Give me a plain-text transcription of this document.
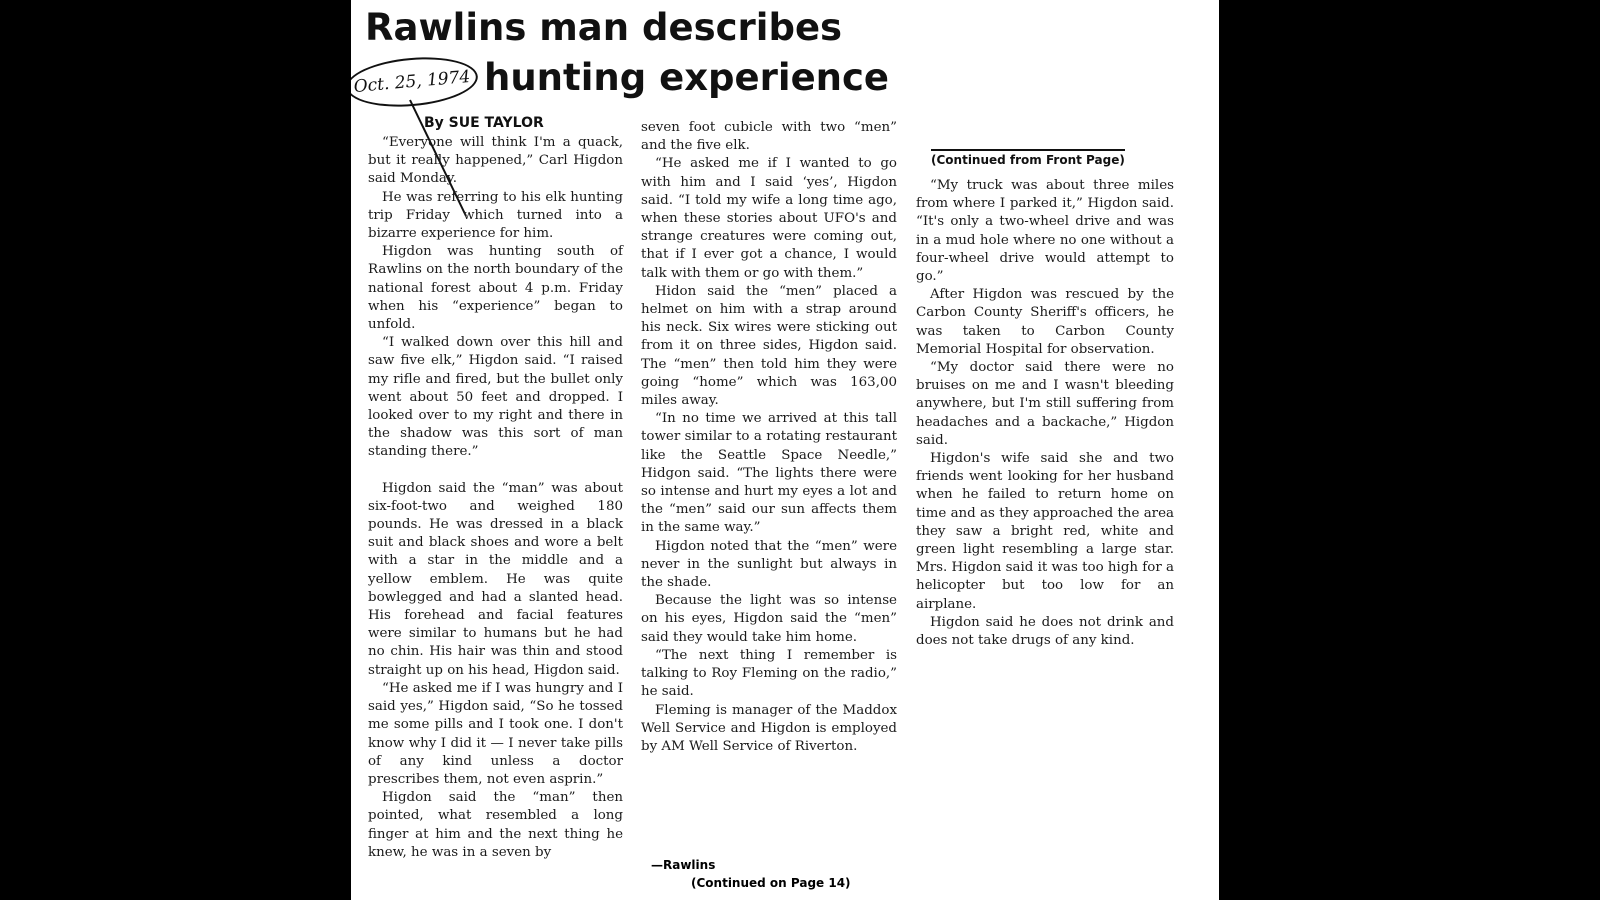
Rawlins man describes
hunting experience
Oct. 25, 1974
By SUE TAYLOR

“Everyone will think I'm a quack, but it really happened,” Carl Higdon said Monday.

He was referring to his elk hunting trip Friday which turned into a bizarre experience for him.

Higdon was hunting south of Rawlins on the north boundary of the national forest about 4 p.m. Friday when his “experience” began to unfold.

“I walked down over this hill and saw five elk,” Higdon said. “I raised my rifle and fired, but the bullet only went about 50 feet and dropped. I looked over to my right and there in the shadow was this sort of man standing there.”

Higdon said the “man” was about six-foot-two and weighed 180 pounds. He was dressed in a black suit and black shoes and wore a belt with a star in the middle and a yellow emblem. He was quite bowlegged and had a slanted head. His forehead and facial features were similar to humans but he had no chin. His hair was thin and stood straight up on his head, Higdon said.

“He asked me if I was hungry and I said yes,” Higdon said, “So he tossed me some pills and I took one. I don't know why I did it — I never take pills of any kind unless a doctor prescribes them, not even asprin.”

Higdon said the “man” then pointed, what resembled a long finger at him and the next thing he knew, he was in a seven by

seven foot cubicle with two “men” and the five elk.

“He asked me if I wanted to go with him and I said ‘yes’, Higdon said. “I told my wife a long time ago, when these stories about UFO's and strange creatures were coming out, that if I ever got a chance, I would talk with them or go with them.”

Hidon said the “men” placed a helmet on him with a strap around his neck. Six wires were sticking out from it on three sides, Higdon said. The “men” then told him they were going “home” which was 163,00 miles away.

“In no time we arrived at this tall tower similar to a rotating restaurant like the Seattle Space Needle,” Hidgon said. “The lights there were so intense and hurt my eyes a lot and the “men” said our sun affects them in the same way.”

Higdon noted that the “men” were never in the sunlight but always in the shade.

Because the light was so intense on his eyes, Higdon said the “men” said they would take him home.

“The next thing I remember is talking to Roy Fleming on the radio,” he said.

Fleming is manager of the Maddox Well Service and Higdon is employed by AM Well Service of Riverton.

—Rawlins
(Continued on Page 14)
(Continued from Front Page)

“My truck was about three miles from where I parked it,” Higdon said. “It's only a two-wheel drive and was in a mud hole where no one without a four-wheel drive would attempt to go.”

After Higdon was rescued by the Carbon County Sheriff's officers, he was taken to Carbon County Memorial Hospital for observation.

“My doctor said there were no bruises on me and I wasn't bleeding anywhere, but I'm still suffering from headaches and a backache,” Higdon said.

Higdon's wife said she and two friends went looking for her husband when he failed to return home on time and as they approached the area they saw a bright red, white and green light resembling a large star. Mrs. Higdon said it was too high for a helicopter but too low for an airplane.

Higdon said he does not drink and does not take drugs of any kind.
